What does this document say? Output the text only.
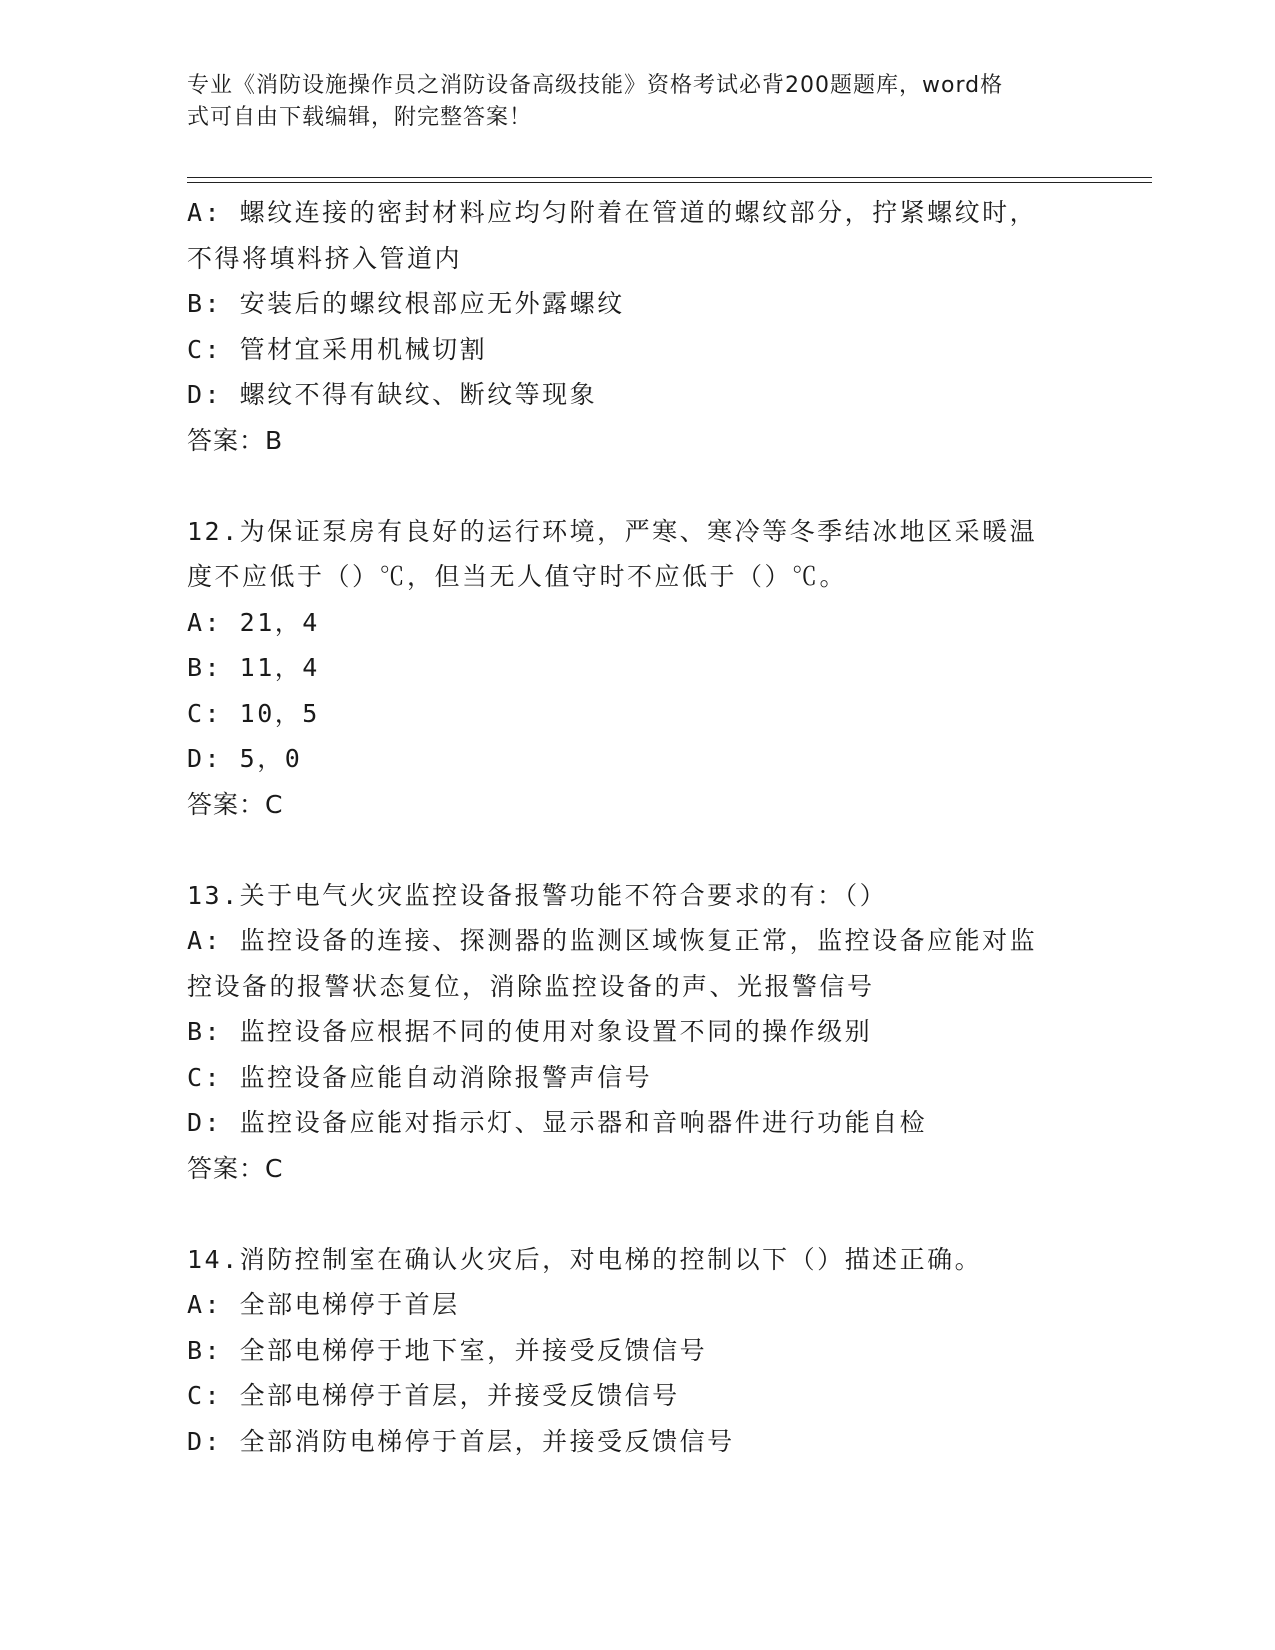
专业《消防设施操作员之消防设备高级技能》资格考试必背200题题库，word格
式可自由下载编辑，附完整答案！
A: 螺纹连接的密封材料应均匀附着在管道的螺纹部分，拧紧螺纹时，
不得将填料挤入管道内
B: 安装后的螺纹根部应无外露螺纹
C: 管材宜采用机械切割
D: 螺纹不得有缺纹、断纹等现象
答案：B
12.为保证泵房有良好的运行环境，严寒、寒冷等冬季结冰地区采暖温
度不应低于（）℃，但当无人值守时不应低于（）℃。
A: 21，4
B: 11，4
C: 10，5
D: 5，0
答案：C
13.关于电气火灾监控设备报警功能不符合要求的有：（）
A: 监控设备的连接、探测器的监测区域恢复正常，监控设备应能对监
控设备的报警状态复位，消除监控设备的声、光报警信号
B: 监控设备应根据不同的使用对象设置不同的操作级别
C: 监控设备应能自动消除报警声信号
D: 监控设备应能对指示灯、显示器和音响器件进行功能自检
答案：C
14.消防控制室在确认火灾后，对电梯的控制以下（）描述正确。
A: 全部电梯停于首层
B: 全部电梯停于地下室，并接受反馈信号
C: 全部电梯停于首层，并接受反馈信号
D: 全部消防电梯停于首层，并接受反馈信号
